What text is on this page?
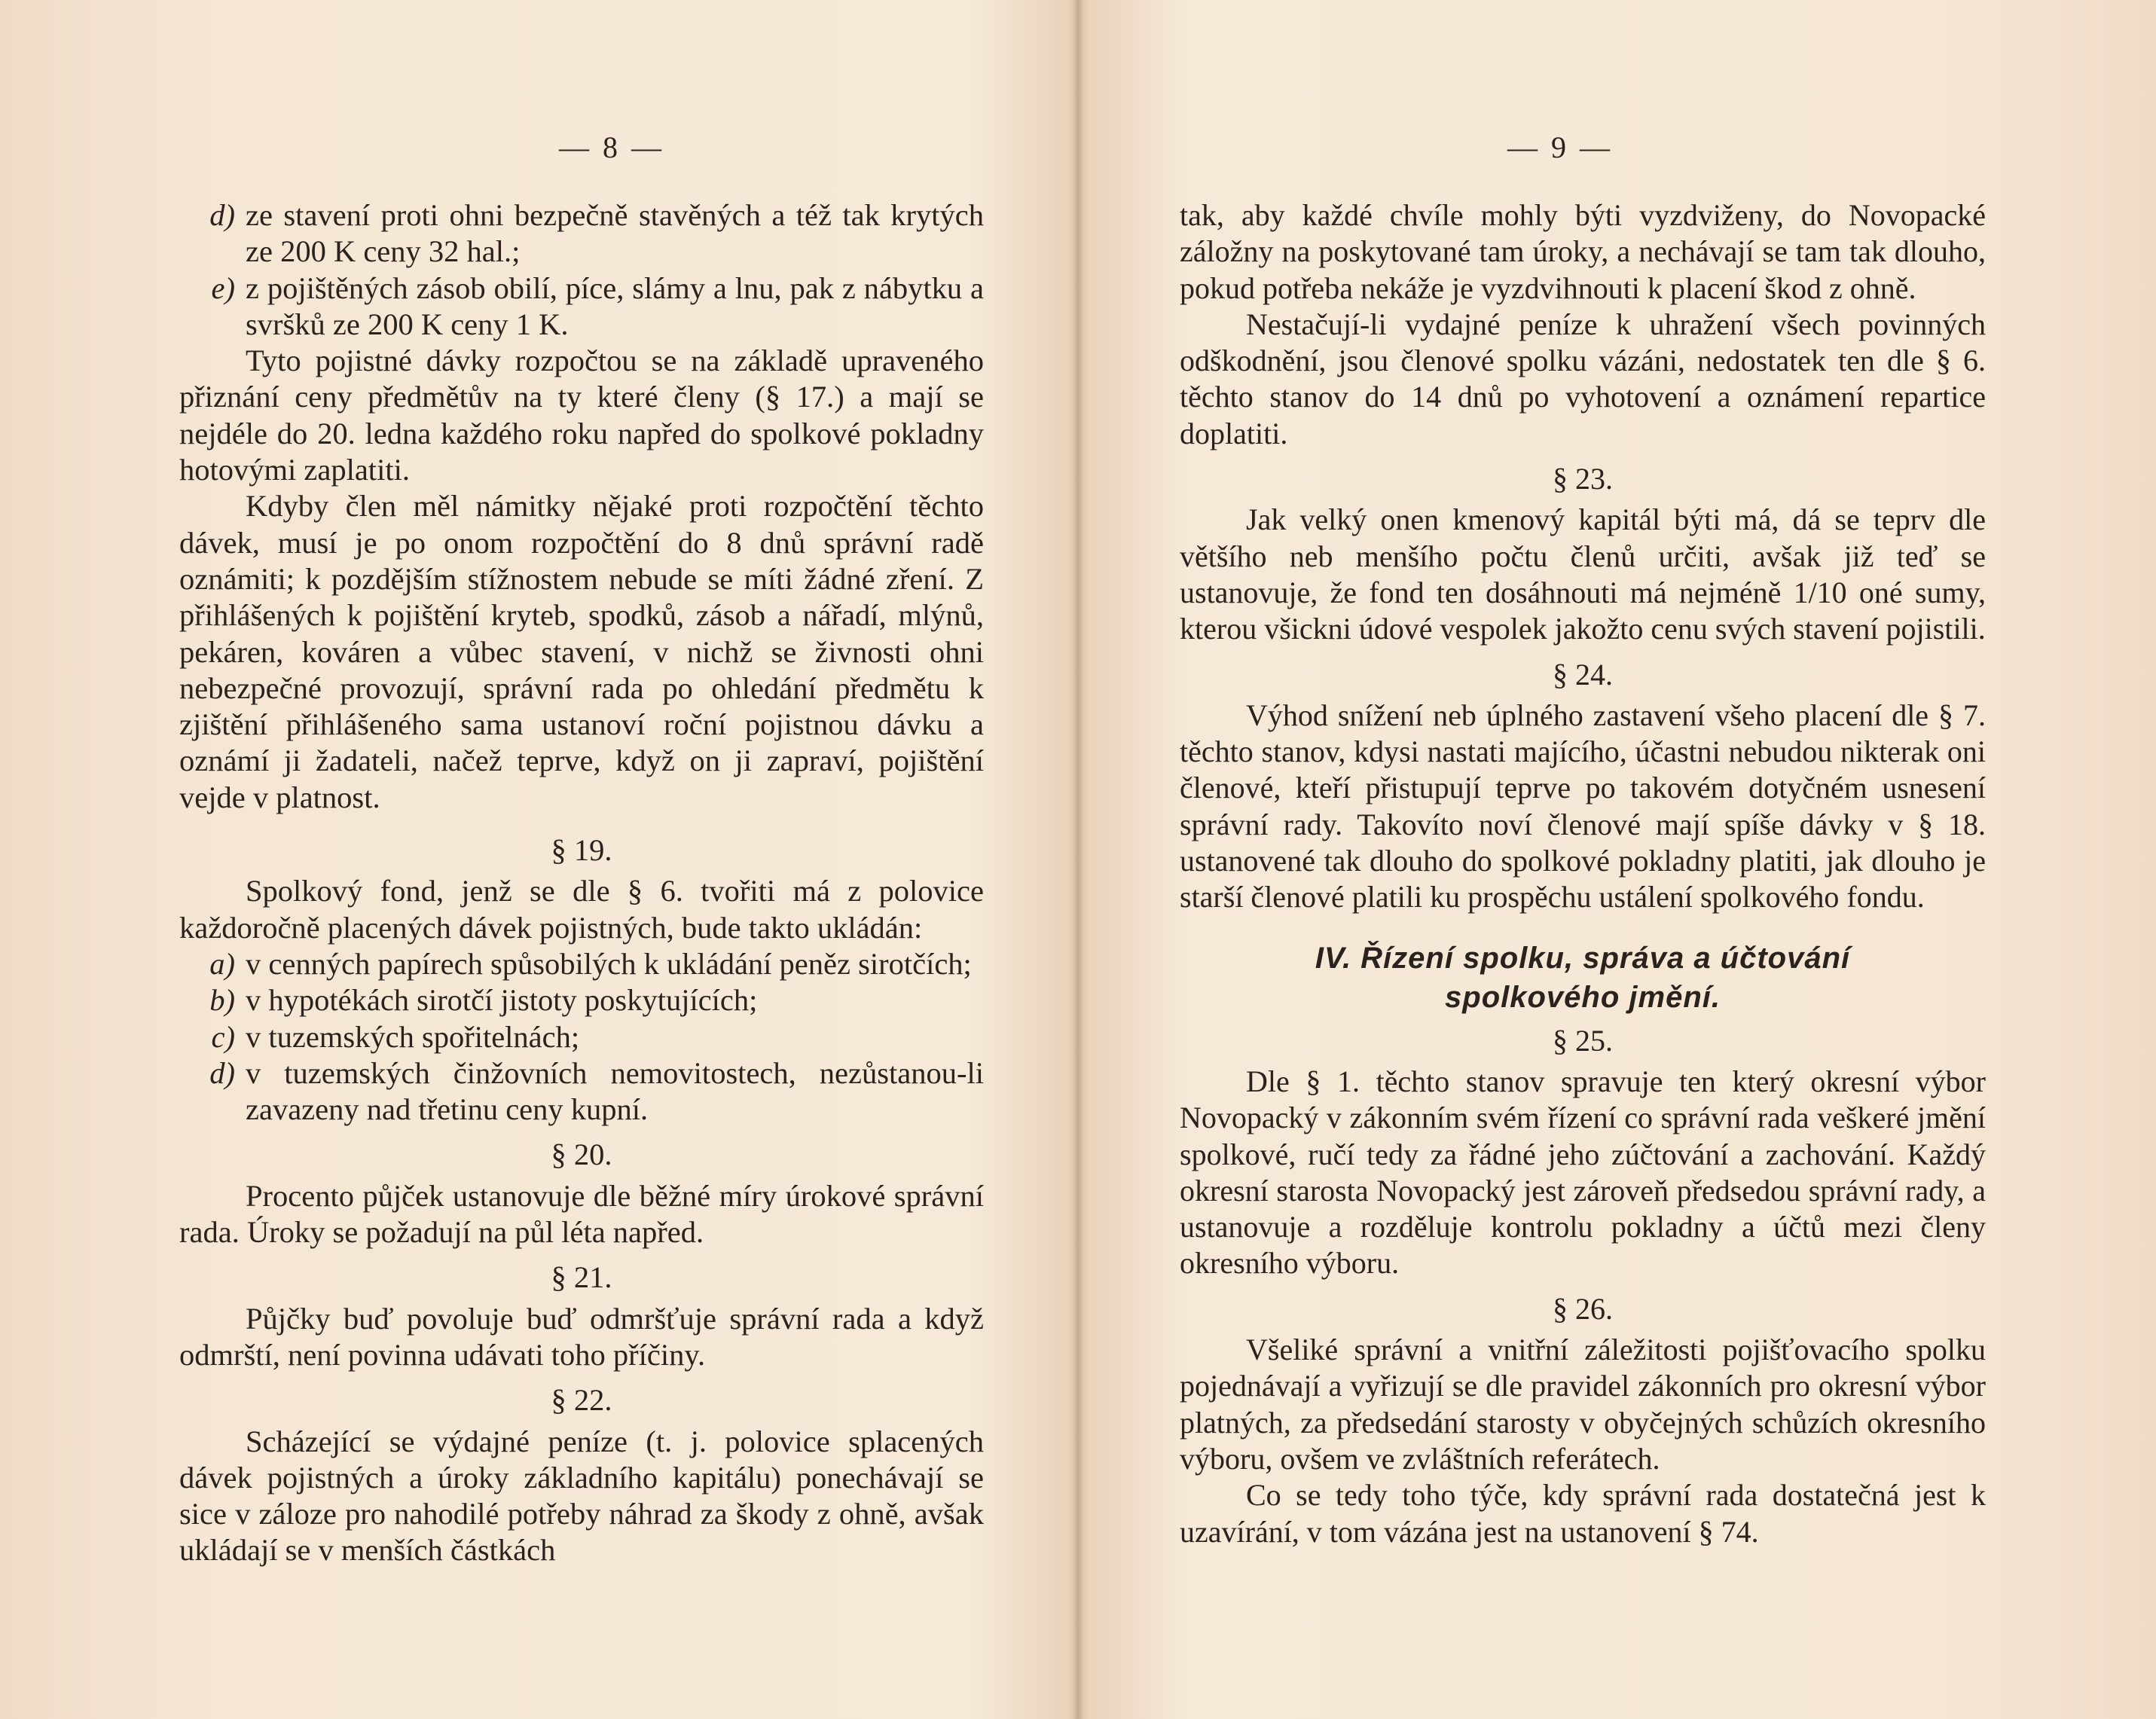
— 8 —
d) ze stavení proti ohni bezpečně stavěných a též tak krytých ze 200 K ceny 32 hal.;
e) z pojištěných zásob obilí, píce, slámy a lnu, pak z nábytku a svršků ze 200 K ceny 1 K.

Tyto pojistné dávky rozpočtou se na základě upraveného přiznání ceny předmětův na ty které členy (§ 17.) a mají se nejdéle do 20. ledna každého roku napřed do spolkové pokladny hotovými zaplatiti.

Kdyby člen měl námitky nějaké proti rozpočtění těchto dávek, musí je po onom rozpočtění do 8 dnů správní radě oznámiti; k pozdějším stížnostem nebude se míti žádné zření. Z přihlášených k pojištění kryteb, spodků, zásob a nářadí, mlýnů, pekáren, kováren a vůbec stavení, v nichž se živnosti ohni nebezpečné provozují, správní rada po ohledání předmětu k zjištění přihlášeného sama ustanoví roční pojistnou dávku a oznámí ji žadateli, načež teprve, když on ji zapraví, pojištění vejde v platnost.

§ 19.

Spolkový fond, jenž se dle § 6. tvořiti má z polovice každoročně placených dávek pojistných, bude takto ukládán:

a) v cenných papírech spůsobilých k ukládání peněz sirotčích;
b) v hypotékách sirotčí jistoty poskytujících;
c) v tuzemských spořitelnách;
d) v tuzemských činžovních nemovitostech, nezůstanou-li zavazeny nad třetinu ceny kupní.
§ 20.

Procento půjček ustanovuje dle běžné míry úrokové správní rada. Úroky se požadují na půl léta napřed.

§ 21.

Půjčky buď povoluje buď odmršťuje správní rada a když odmrští, není povinna udávati toho příčiny.

§ 22.

Scházející se výdajné peníze (t. j. polovice splacených dávek pojistných a úroky základního kapitálu) ponechávají se sice v záloze pro nahodilé potřeby náhrad za škody z ohně, avšak ukládají se v menších částkách

— 9 —

tak, aby každé chvíle mohly býti vyzdviženy, do Novopacké záložny na poskytované tam úroky, a nechávají se tam tak dlouho, pokud potřeba nekáže je vyzdvihnouti k placení škod z ohně.

Nestačují-li vydajné peníze k uhražení všech povinných odškodnění, jsou členové spolku vázáni, nedostatek ten dle § 6. těchto stanov do 14 dnů po vyhotovení a oznámení repartice doplatiti.

§ 23.

Jak velký onen kmenový kapitál býti má, dá se teprv dle většího neb menšího počtu členů určiti, avšak již teď se ustanovuje, že fond ten dosáhnouti má nejméně 1/10 oné sumy, kterou všickni údové vespolek jakožto cenu svých stavení pojistili.

§ 24.

Výhod snížení neb úplného zastavení všeho placení dle § 7. těchto stanov, kdysi nastati majícího, účastni nebudou nikterak oni členové, kteří přistupují teprve po takovém dotyčném usnesení správní rady. Takovíto noví členové mají spíše dávky v § 18. ustanovené tak dlouho do spolkové pokladny platiti, jak dlouho je starší členové platili ku prospěchu ustálení spolkového fondu.

IV. Řízení spolku, správa a účtování
spolkového jmění.
§ 25.

Dle § 1. těchto stanov spravuje ten který okresní výbor Novopacký v zákonním svém řízení co správní rada veškeré jmění spolkové, ručí tedy za řádné jeho zúčtování a zachování. Každý okresní starosta Novopacký jest zároveň předsedou správní rady, a ustanovuje a rozděluje kontrolu pokladny a účtů mezi členy okresního výboru.

§ 26.

Všeliké správní a vnitřní záležitosti pojišťovacího spolku pojednávají a vyřizují se dle pravidel zákonních pro okresní výbor platných, za předsedání starosty v obyčejných schůzích okresního výboru, ovšem ve zvláštních referátech.

Co se tedy toho týče, kdy správní rada dostatečná jest k uzavírání, v tom vázána jest na ustanovení § 74.
